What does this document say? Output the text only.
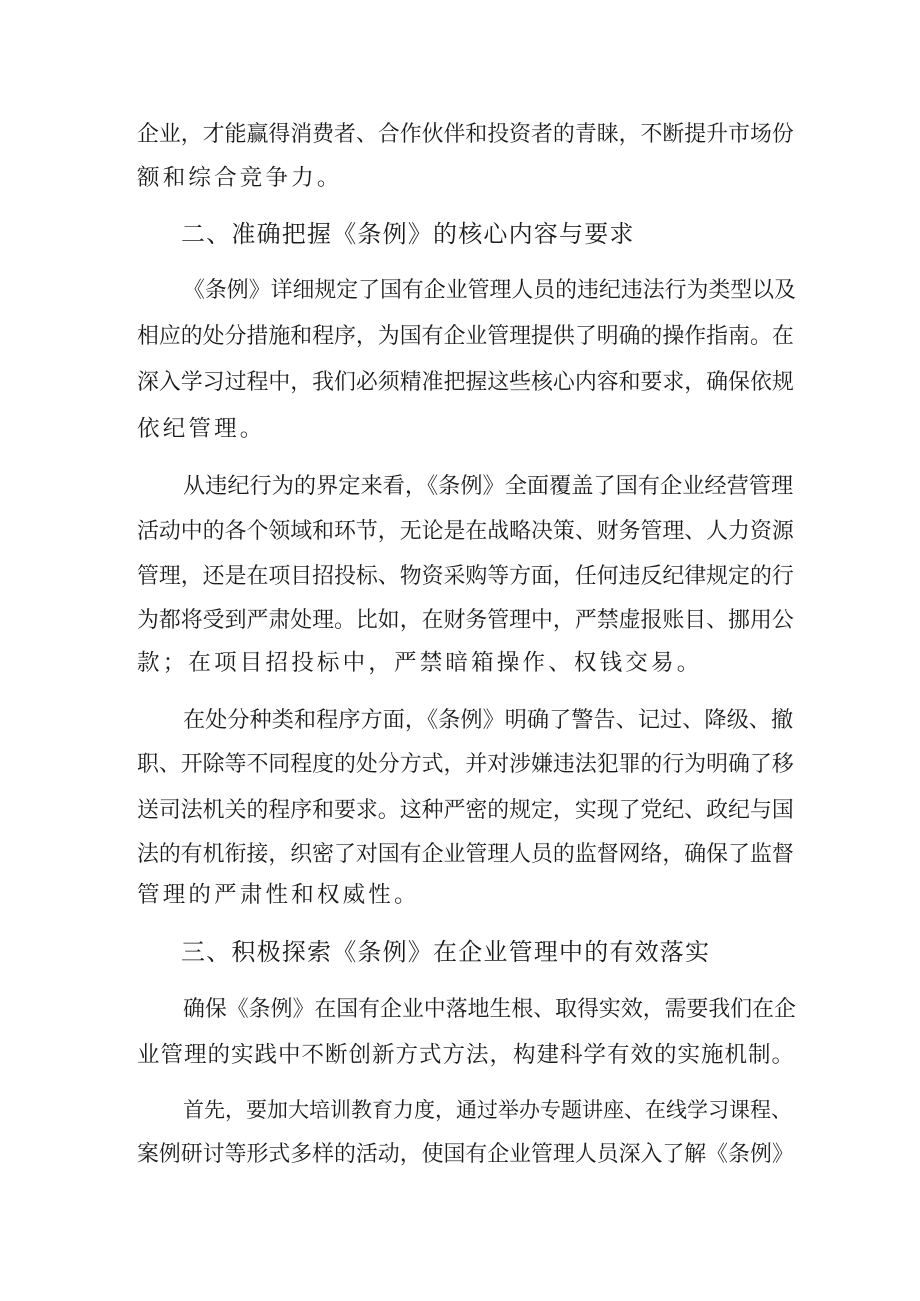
企业，才能赢得消费者、合作伙伴和投资者的青睐，不断提升市场份
额和综合竞争力。
二、准确把握《条例》的核心内容与要求
《条例》详细规定了国有企业管理人员的违纪违法行为类型以及
相应的处分措施和程序，为国有企业管理提供了明确的操作指南。在
深入学习过程中，我们必须精准把握这些核心内容和要求，确保依规
依纪管理。
从违纪行为的界定来看，《条例》全面覆盖了国有企业经营管理
活动中的各个领域和环节，无论是在战略决策、财务管理、人力资源
管理，还是在项目招投标、物资采购等方面，任何违反纪律规定的行
为都将受到严肃处理。比如，在财务管理中，严禁虚报账目、挪用公
款；在项目招投标中，严禁暗箱操作、权钱交易。
在处分种类和程序方面，《条例》明确了警告、记过、降级、撤
职、开除等不同程度的处分方式，并对涉嫌违法犯罪的行为明确了移
送司法机关的程序和要求。这种严密的规定，实现了党纪、政纪与国
法的有机衔接，织密了对国有企业管理人员的监督网络，确保了监督
管理的严肃性和权威性。
三、积极探索《条例》在企业管理中的有效落实
确保《条例》在国有企业中落地生根、取得实效，需要我们在企
业管理的实践中不断创新方式方法，构建科学有效的实施机制。
首先，要加大培训教育力度，通过举办专题讲座、在线学习课程、
案例研讨等形式多样的活动，使国有企业管理人员深入了解《条例》
